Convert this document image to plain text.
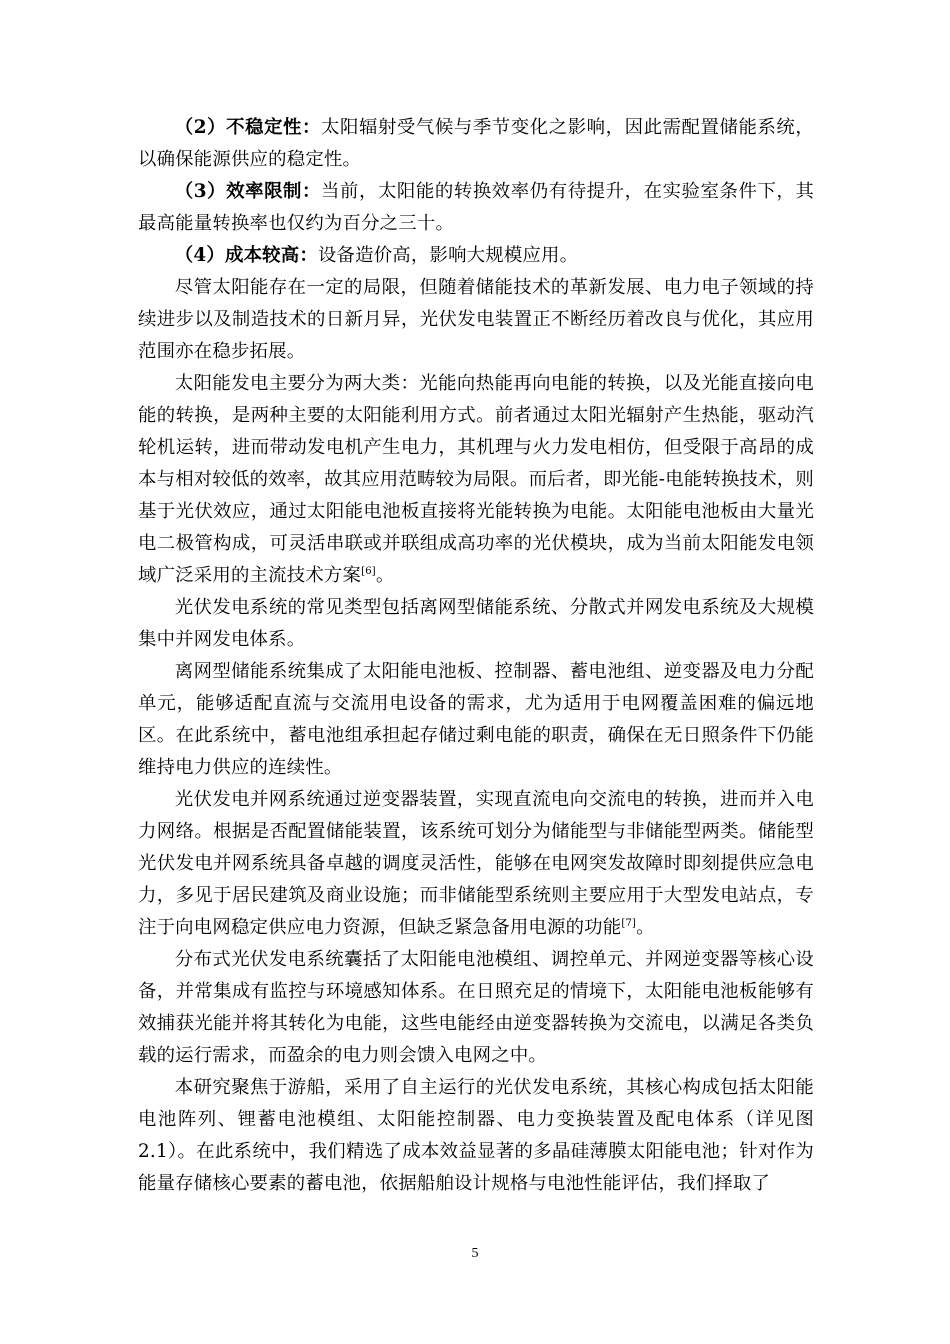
（2）不稳定性：太阳辐射受气候与季节变化之影响，因此需配置储能系统，以确保能源供应的稳定性。

（3）效率限制：当前，太阳能的转换效率仍有待提升，在实验室条件下，其最高能量转换率也仅约为百分之三十。

（4）成本较高：设备造价高，影响大规模应用。

尽管太阳能存在一定的局限，但随着储能技术的革新发展、电力电子领域的持续进步以及制造技术的日新月异，光伏发电装置正不断经历着改良与优化，其应用范围亦在稳步拓展。

太阳能发电主要分为两大类：光能向热能再向电能的转换，以及光能直接向电能的转换，是两种主要的太阳能利用方式。前者通过太阳光辐射产生热能，驱动汽轮机运转，进而带动发电机产生电力，其机理与火力发电相仿，但受限于高昂的成本与相对较低的效率，故其应用范畴较为局限。而后者，即光能-电能转换技术，则基于光伏效应，通过太阳能电池板直接将光能转换为电能。太阳能电池板由大量光电二极管构成，可灵活串联或并联组成高功率的光伏模块，成为当前太阳能发电领域广泛采用的主流技术方案[6]。

光伏发电系统的常见类型包括离网型储能系统、分散式并网发电系统及大规模集中并网发电体系。

离网型储能系统集成了太阳能电池板、控制器、蓄电池组、逆变器及电力分配单元，能够适配直流与交流用电设备的需求，尤为适用于电网覆盖困难的偏远地区。在此系统中，蓄电池组承担起存储过剩电能的职责，确保在无日照条件下仍能维持电力供应的连续性。

光伏发电并网系统通过逆变器装置，实现直流电向交流电的转换，进而并入电力网络。根据是否配置储能装置，该系统可划分为储能型与非储能型两类。储能型光伏发电并网系统具备卓越的调度灵活性，能够在电网突发故障时即刻提供应急电力，多见于居民建筑及商业设施；而非储能型系统则主要应用于大型发电站点，专注于向电网稳定供应电力资源，但缺乏紧急备用电源的功能[7]。

分布式光伏发电系统囊括了太阳能电池模组、调控单元、并网逆变器等核心设备，并常集成有监控与环境感知体系。在日照充足的情境下，太阳能电池板能够有效捕获光能并将其转化为电能，这些电能经由逆变器转换为交流电，以满足各类负载的运行需求，而盈余的电力则会馈入电网之中。

本研究聚焦于游船，采用了自主运行的光伏发电系统，其核心构成包括太阳能电池阵列、锂蓄电池模组、太阳能控制器、电力变换装置及配电体系（详见图2.1）。在此系统中，我们精选了成本效益显著的多晶硅薄膜太阳能电池；针对作为能量存储核心要素的蓄电池，依据船舶设计规格与电池性能评估，我们择取了

5
